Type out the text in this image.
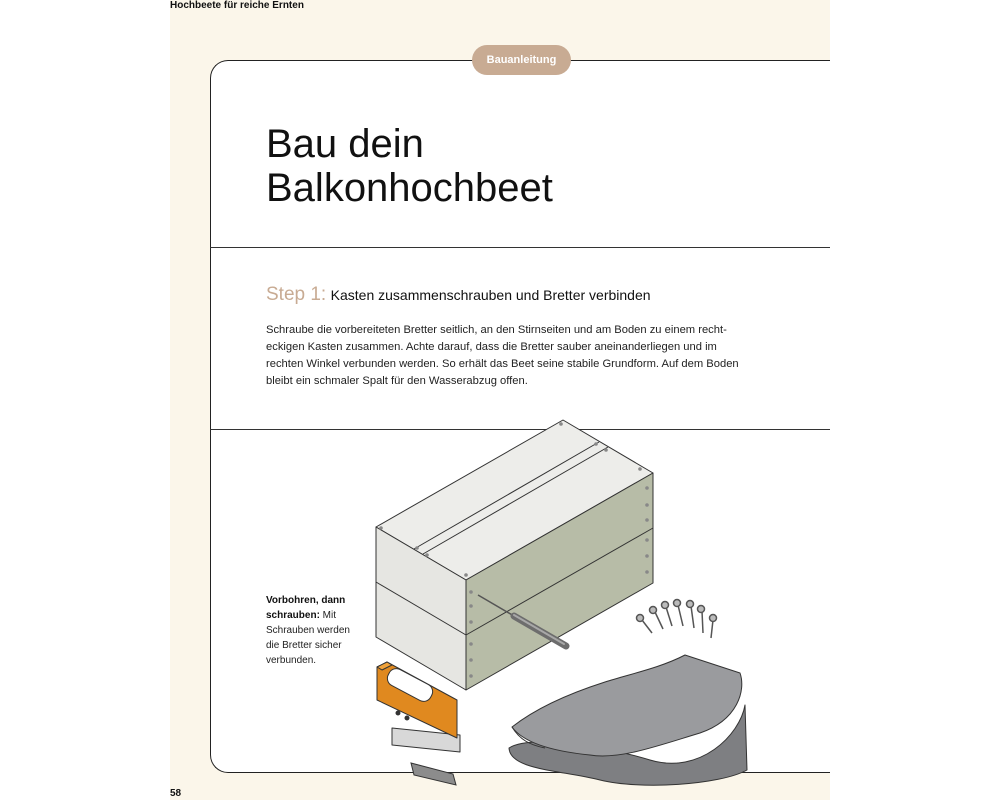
Hochbeete für reiche Ernten
Bauanleitung
Bau dein
Balkonhochbeet
Step 1: Kasten zusammenschrauben und Bretter verbinden

Schraube die vorbereiteten Bretter seitlich, an den Stirnseiten und am Boden zu einem recht-
eckigen Kasten zusammen. Achte darauf, dass die Bretter sauber aneinanderliegen und im
rechten Winkel verbunden werden. So erhält das Beet seine stabile Grundform. Auf dem Boden
bleibt ein schmaler Spalt für den Wasserabzug offen.

Vorbohren, dann schrauben: Mit Schrauben werden die Bretter sicher verbunden.
58
